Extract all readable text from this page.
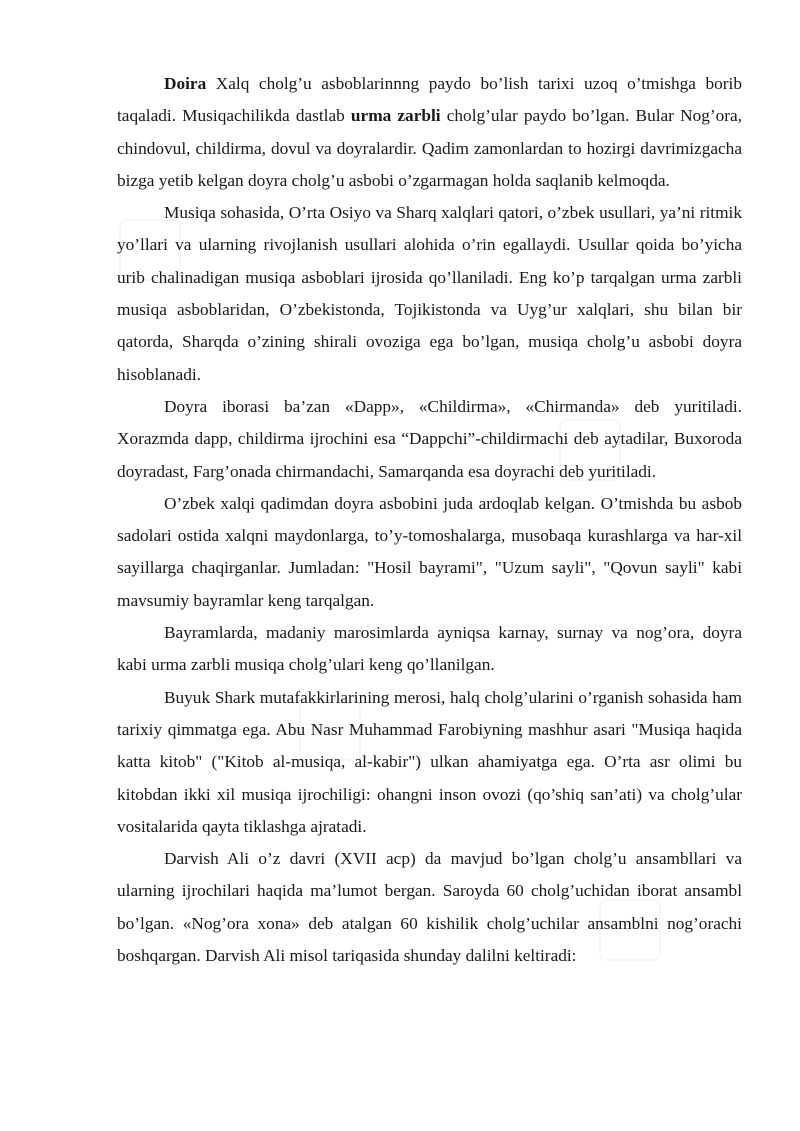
Doira Xalq cholg’u asboblarinnng paydo bo’lish tarixi uzoq o’tmishga borib taqaladi. Musiqachilikda dastlab urma zarbli cholg’ular paydo bo’lgan. Bular Nog’ora, chindovul, childirma, dovul va doyralardir. Qadim zamonlardan to hozirgi davrimizgacha bizga yetib kelgan doyra cholg’u asbobi o’zgarmagan holda saqlanib kelmoqda.

Musiqa sohasida, O’rta Osiyo va Sharq xalqlari qatori, o’zbek usullari, ya’ni ritmik yo’llari va ularning rivojlanish usullari alohida o’rin egallaydi. Usullar qoida bo’yicha urib chalinadigan musiqa asboblari ijrosida qo’llaniladi. Eng ko’p tarqalgan urma zarbli musiqa asboblaridan, O’zbekistonda, Tojikistonda va Uyg’ur xalqlari, shu bilan bir qatorda, Sharqda o’zining shirali ovoziga ega bo’lgan, musiqa cholg’u asbobi doyra hisoblanadi.

Doyra iborasi ba’zan «Dapp», «Childirma», «Chirmanda» deb yuritiladi. Xorazmda dapp, childirma ijrochini esa “Dappchi”-childirmachi deb aytadilar, Buxoroda doyradast, Farg’onada chirmandachi, Samarqanda esa doyrachi deb yuritiladi.

O’zbek xalqi qadimdan doyra asbobini juda ardoqlab kelgan. O’tmishda bu asbob sadolari ostida xalqni maydonlarga, to’y-tomoshalarga, musobaqa kurashlarga va har-xil sayillarga chaqirganlar. Jumladan: "Hosil bayrami", "Uzum sayli", "Qovun sayli" kabi mavsumiy bayramlar keng tarqalgan.

Bayramlarda, madaniy marosimlarda ayniqsa karnay, surnay va nog’ora, doyra kabi urma zarbli musiqa cholg’ulari keng qo’llanilgan.

Buyuk Shark mutafakkirlarining merosi, halq cholg’ularini o’rganish sohasida ham tarixiy qimmatga ega. Abu Nasr Muhammad Farobiyning mashhur asari "Musiqa haqida katta kitob" ("Kitob al-musiqa, al-kabir") ulkan ahamiyatga ega. O’rta asr olimi bu kitobdan ikki xil musiqa ijrochiligi: ohangni inson ovozi (qo’shiq san’ati) va cholg’ular vositalarida qayta tiklashga ajratadi.

Darvish Ali o’z davri (XVII асp) da mavjud bo’lgan cholg’u ansambllari va ularning ijrochilari haqida ma’lumot bergan. Saroyda 60 cholg’uchidan iborat ansambl bo’lgan. «Nog’ora xona» deb atalgan 60 kishilik cholg’uchilar ansamblni nog’orachi boshqargan. Darvish Ali misol tariqasida shunday dalilni keltiradi:
